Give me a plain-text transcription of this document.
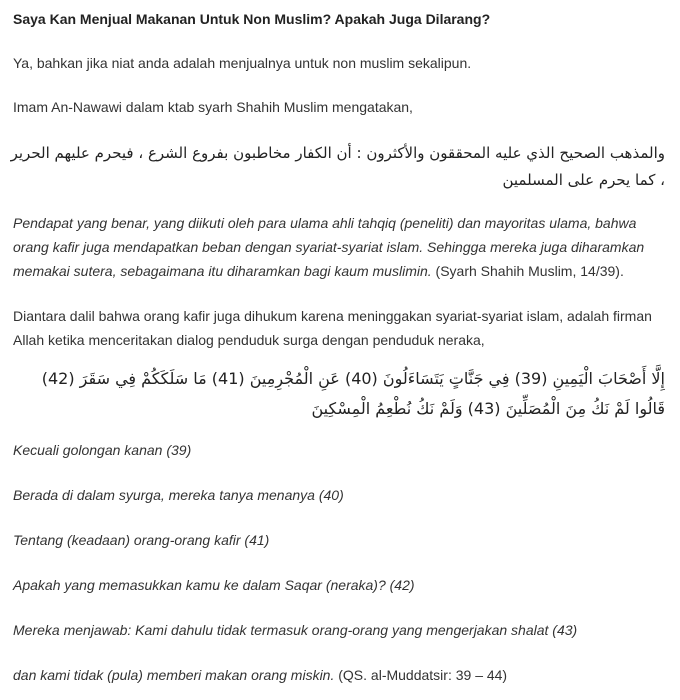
Saya Kan Menjual Makanan Untuk Non Muslim? Apakah Juga Dilarang?

Ya, bahkan jika niat anda adalah menjualnya untuk non muslim sekalipun.

Imam An-Nawawi dalam ktab syarh Shahih Muslim mengatakan,

والمذهب الصحيح الذي عليه المحققون والأكثرون : أن الكفار مخاطبون بفروع الشرع ، فيحرم عليهم الحرير ، كما يحرم على المسلمين

Pendapat yang benar, yang diikuti oleh para ulama ahli tahqiq (peneliti) dan mayoritas ulama, bahwa orang kafir juga mendapatkan beban dengan syariat-syariat islam. Sehingga mereka juga diharamkan memakai sutera, sebagaimana itu diharamkan bagi kaum muslimin. (Syarh Shahih Muslim, 14/39).

Diantara dalil bahwa orang kafir juga dihukum karena meninggakan syariat-syariat islam, adalah firman Allah ketika menceritakan dialog penduduk surga dengan penduduk neraka,

إِلَّا أَصْحَابَ الْيَمِينِ (39) فِي جَنَّاتٍ يَتَسَاءَلُونَ (40) عَنِ الْمُجْرِمِينَ (41) مَا سَلَكَكُمْ فِي سَقَرَ (42) قَالُوا لَمْ نَكُ مِنَ الْمُصَلِّينَ (43) وَلَمْ نَكُ نُطْعِمُ الْمِسْكِينَ

Kecuali golongan kanan (39)

Berada di dalam syurga, mereka tanya menanya (40)

Tentang (keadaan) orang-orang kafir (41)

Apakah yang memasukkan kamu ke dalam Saqar (neraka)? (42)

Mereka menjawab: Kami dahulu tidak termasuk orang-orang yang mengerjakan shalat (43)

dan kami tidak (pula) memberi makan orang miskin. (QS. al-Muddatsir: 39 – 44)
